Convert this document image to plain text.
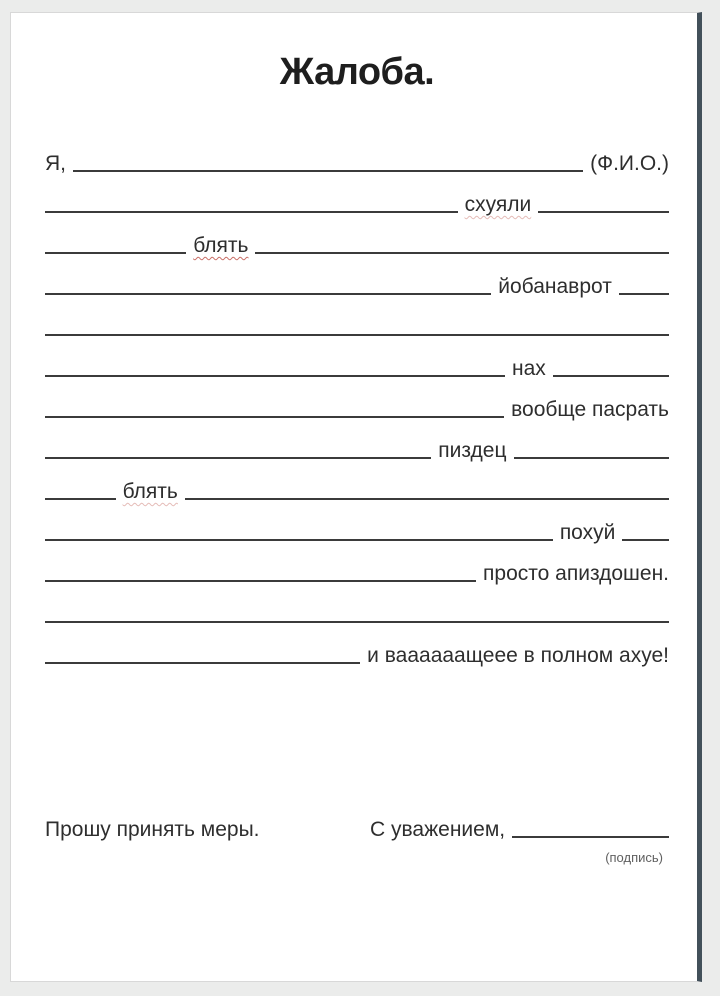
Жалоба.
Я,	(Ф.И.О.)
схуяли
блять
йобанаврот
нах
вообще пасрать
пиздец
блять
похуй
просто апиздошен.
и ваааааащеее в полном ахуе!
Прошу принять меры.	С уважением,
(подпись)
